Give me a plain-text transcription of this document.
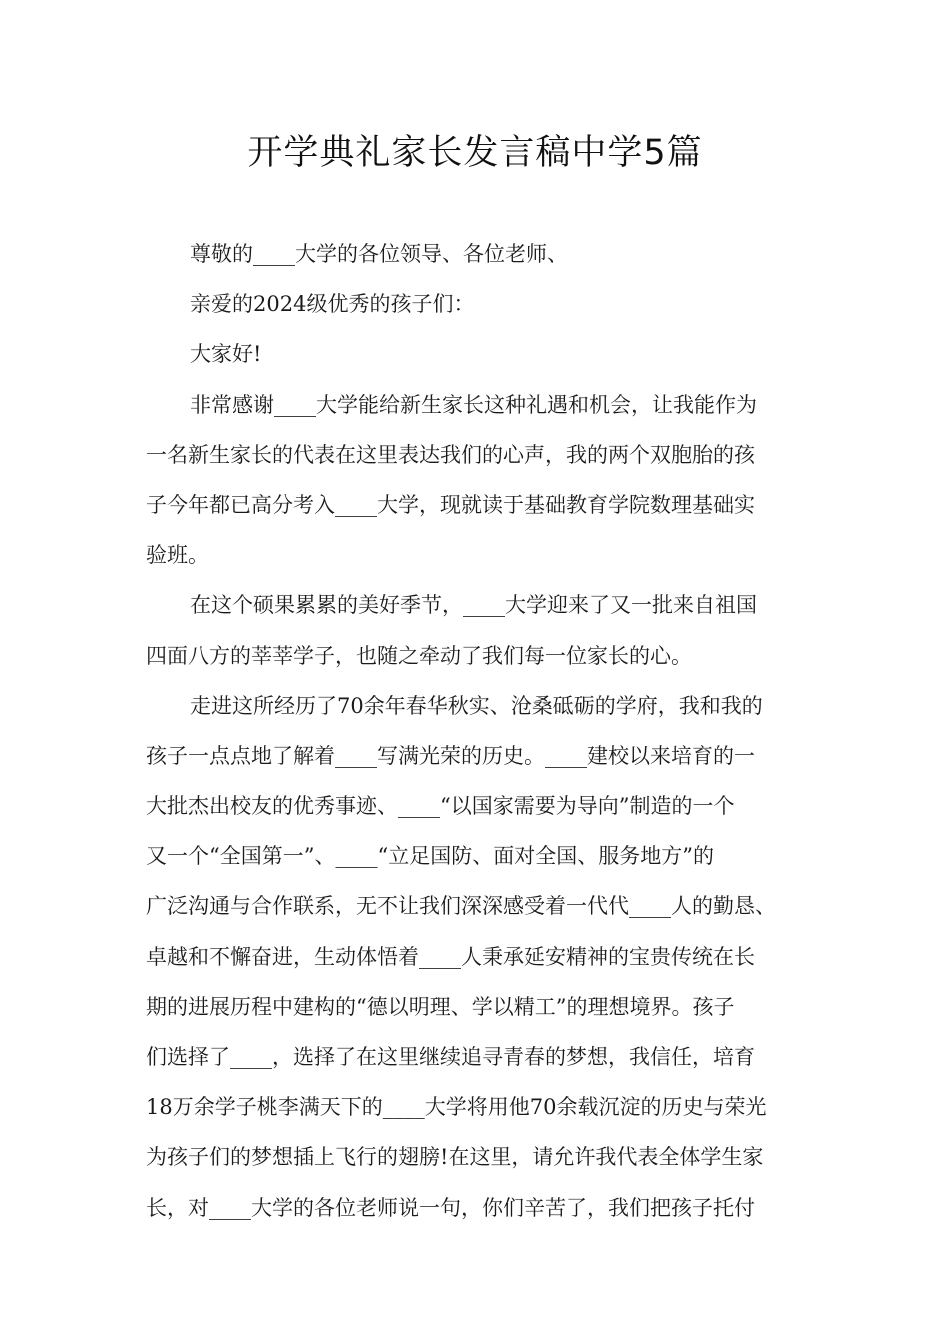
开学典礼家长发言稿中学5篇
尊敬的____大学的各位领导、各位老师、
亲爱的2024级优秀的孩子们：
大家好!
非常感谢____大学能给新生家长这种礼遇和机会，让我能作为
一名新生家长的代表在这里表达我们的心声，我的两个双胞胎的孩
子今年都已高分考入____大学，现就读于基础教育学院数理基础实
验班。
在这个硕果累累的美好季节，____大学迎来了又一批来自祖国
四面八方的莘莘学子，也随之牵动了我们每一位家长的心。
走进这所经历了70余年春华秋实、沧桑砥砺的学府，我和我的
孩子一点点地了解着____写满光荣的历史。____建校以来培育的一
大批杰出校友的优秀事迹、____“以国家需要为导向”制造的一个
又一个“全国第一”、____“立足国防、面对全国、服务地方”的
广泛沟通与合作联系，无不让我们深深感受着一代代____人的勤恳、
卓越和不懈奋进，生动体悟着____人秉承延安精神的宝贵传统在长
期的进展历程中建构的“德以明理、学以精工”的理想境界。孩子
们选择了____，选择了在这里继续追寻青春的梦想，我信任，培育
18万余学子桃李满天下的____大学将用他70余载沉淀的历史与荣光
为孩子们的梦想插上飞行的翅膀!在这里，请允许我代表全体学生家
长，对____大学的各位老师说一句，你们辛苦了，我们把孩子托付
